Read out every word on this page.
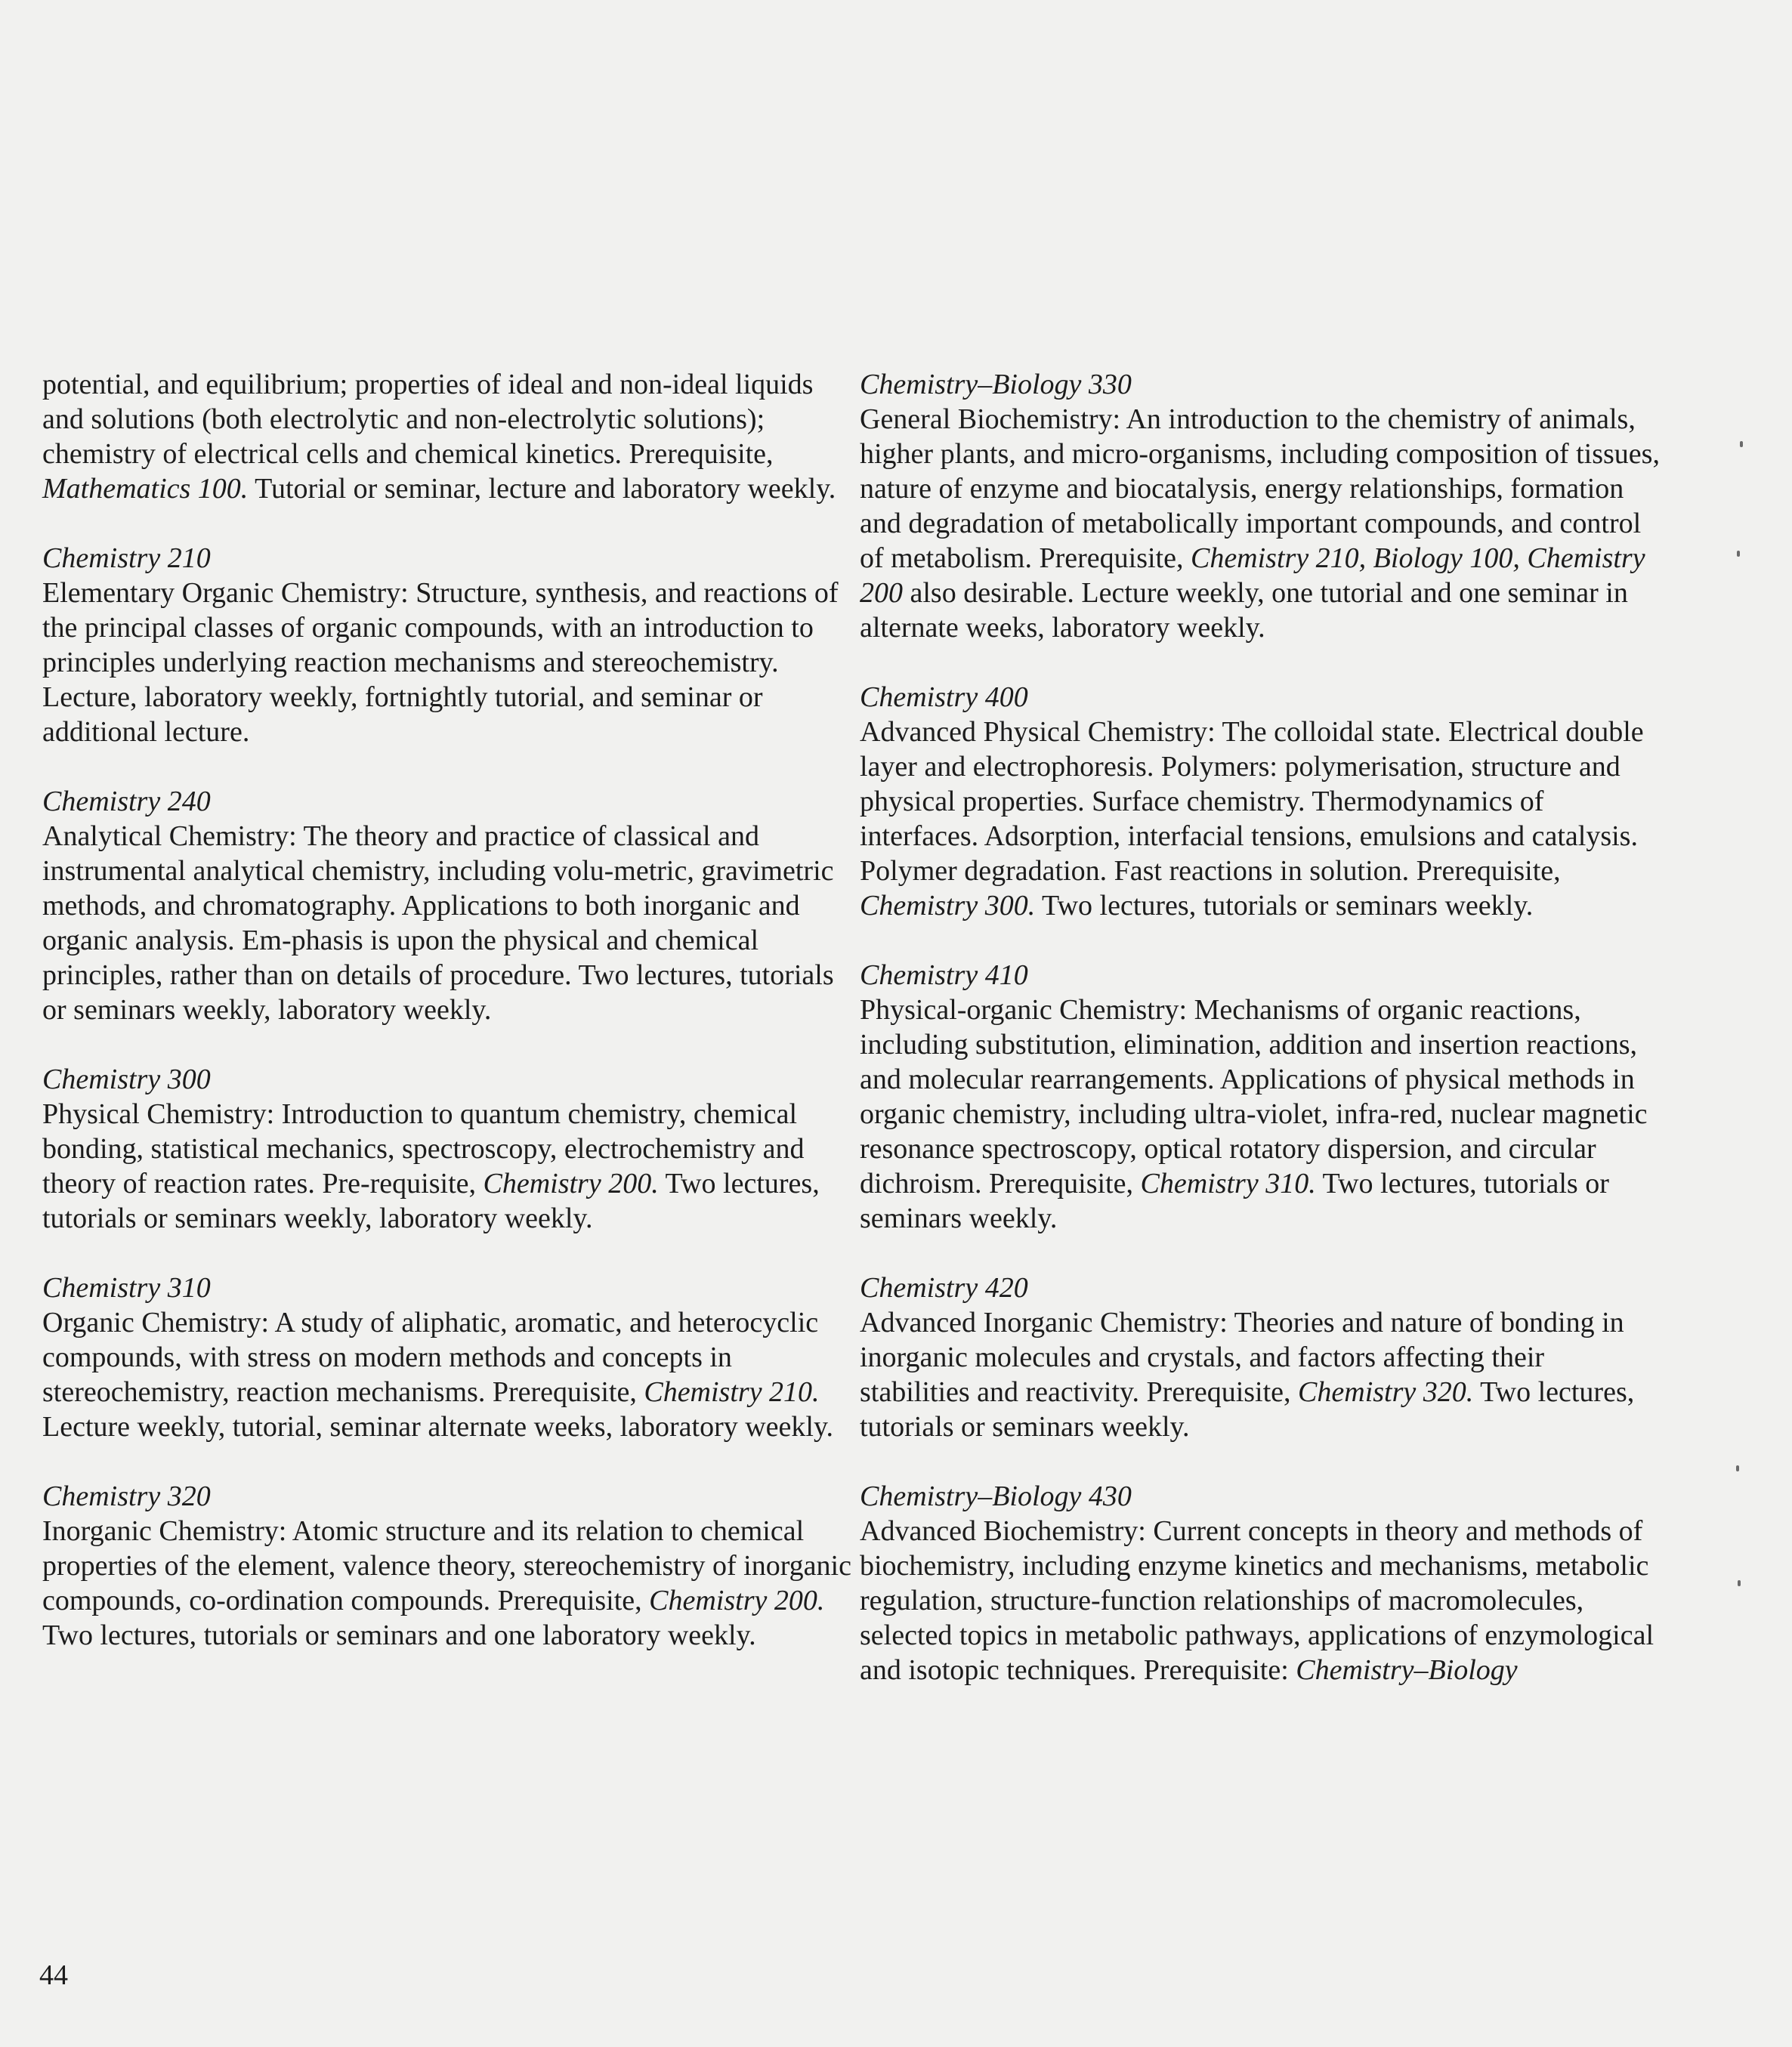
potential, and equilibrium; properties of ideal and non-ideal liquids and solutions (both electrolytic and non-electrolytic solutions); chemistry of electrical cells and chemical kinetics. Prerequisite, Mathematics 100. Tutorial or seminar, lecture and laboratory weekly.

Chemistry 210

Elementary Organic Chemistry: Structure, synthesis, and reactions of the principal classes of organic compounds, with an introduction to principles underlying reaction mechanisms and stereochemistry. Lecture, laboratory weekly, fortnightly tutorial, and seminar or additional lecture.

Chemistry 240

Analytical Chemistry: The theory and practice of classical and instrumental analytical chemistry, including volu-metric, gravimetric methods, and chromatography. Applications to both inorganic and organic analysis. Em-phasis is upon the physical and chemical principles, rather than on details of procedure. Two lectures, tutorials or seminars weekly, laboratory weekly.

Chemistry 300

Physical Chemistry: Introduction to quantum chemistry, chemical bonding, statistical mechanics, spectroscopy, electrochemistry and theory of reaction rates. Pre-requisite, Chemistry 200. Two lectures, tutorials or seminars weekly, laboratory weekly.

Chemistry 310

Organic Chemistry: A study of aliphatic, aromatic, and heterocyclic compounds, with stress on modern methods and concepts in stereochemistry, reaction mechanisms. Prerequisite, Chemistry 210. Lecture weekly, tutorial, seminar alternate weeks, laboratory weekly.

Chemistry 320

Inorganic Chemistry: Atomic structure and its relation to chemical properties of the element, valence theory, stereochemistry of inorganic compounds, co-ordination compounds. Prerequisite, Chemistry 200. Two lectures, tutorials or seminars and one laboratory weekly.

Chemistry–Biology 330

General Biochemistry: An introduction to the chemistry of animals, higher plants, and micro-organisms, including composition of tissues, nature of enzyme and biocatalysis, energy relationships, formation and degradation of metabolically important compounds, and control of metabolism. Prerequisite, Chemistry 210, Biology 100, Chemistry 200 also desirable. Lecture weekly, one tutorial and one seminar in alternate weeks, laboratory weekly.

Chemistry 400

Advanced Physical Chemistry: The colloidal state. Electrical double layer and electrophoresis. Polymers: polymerisation, structure and physical properties. Surface chemistry. Thermodynamics of interfaces. Adsorption, interfacial tensions, emulsions and catalysis. Polymer degradation. Fast reactions in solution. Prerequisite, Chemistry 300. Two lectures, tutorials or seminars weekly.

Chemistry 410

Physical-organic Chemistry: Mechanisms of organic reactions, including substitution, elimination, addition and insertion reactions, and molecular rearrangements. Applications of physical methods in organic chemistry, including ultra-violet, infra-red, nuclear magnetic resonance spectroscopy, optical rotatory dispersion, and circular dichroism. Prerequisite, Chemistry 310. Two lectures, tutorials or seminars weekly.

Chemistry 420

Advanced Inorganic Chemistry: Theories and nature of bonding in inorganic molecules and crystals, and factors affecting their stabilities and reactivity. Prerequisite, Chemistry 320. Two lectures, tutorials or seminars weekly.

Chemistry–Biology 430

Advanced Biochemistry: Current concepts in theory and methods of biochemistry, including enzyme kinetics and mechanisms, metabolic regulation, structure-function relationships of macromolecules, selected topics in metabolic pathways, applications of enzymological and isotopic techniques. Prerequisite: Chemistry–Biology

44
